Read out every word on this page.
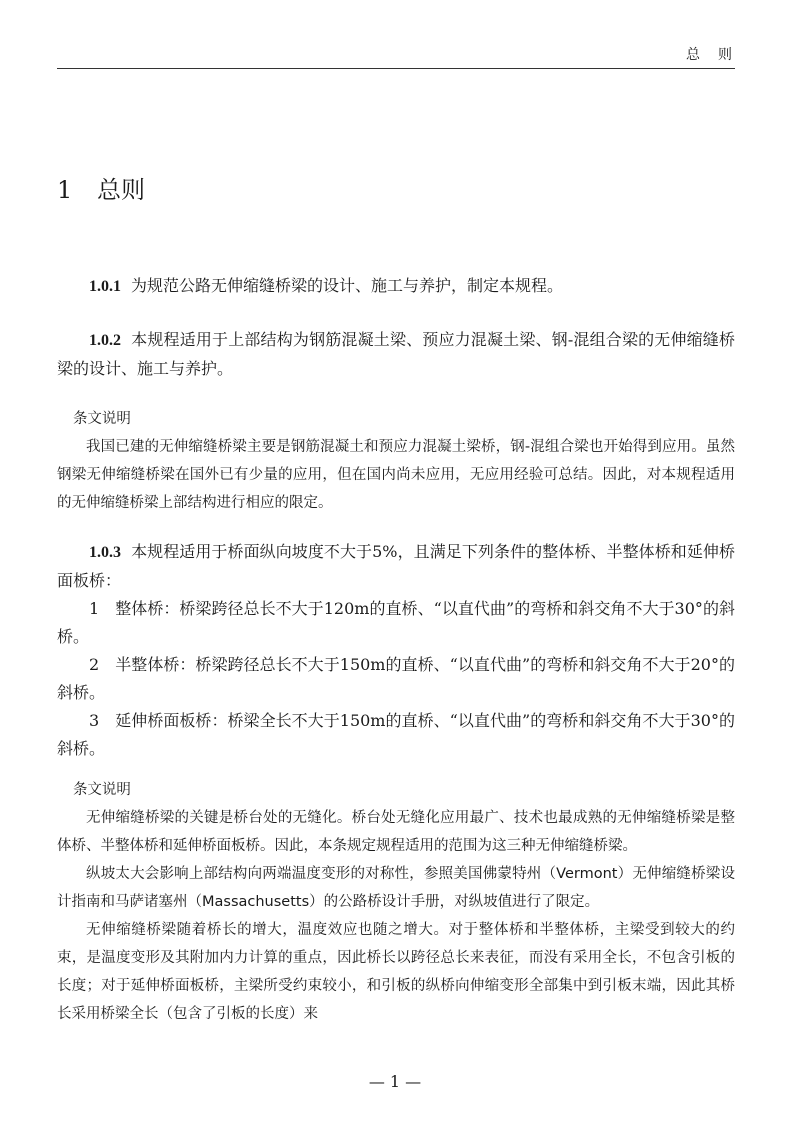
总则
1 总则

1.0.1 为规范公路无伸缩缝桥梁的设计、施工与养护，制定本规程。

1.0.2 本规程适用于上部结构为钢筋混凝土梁、预应力混凝土梁、钢-混组合梁的无伸缩缝桥梁的设计、施工与养护。

条文说明

我国已建的无伸缩缝桥梁主要是钢筋混凝土和预应力混凝土梁桥，钢-混组合梁也开始得到应用。虽然钢梁无伸缩缝桥梁在国外已有少量的应用，但在国内尚未应用，无应用经验可总结。因此，对本规程适用的无伸缩缝桥梁上部结构进行相应的限定。

1.0.3 本规程适用于桥面纵向坡度不大于5%，且满足下列条件的整体桥、半整体桥和延伸桥面板桥：

1　整体桥：桥梁跨径总长不大于120m的直桥、“以直代曲”的弯桥和斜交角不大于30°的斜桥。

2　半整体桥：桥梁跨径总长不大于150m的直桥、“以直代曲”的弯桥和斜交角不大于20°的斜桥。

3　延伸桥面板桥：桥梁全长不大于150m的直桥、“以直代曲”的弯桥和斜交角不大于30°的斜桥。

条文说明

无伸缩缝桥梁的关键是桥台处的无缝化。桥台处无缝化应用最广、技术也最成熟的无伸缩缝桥梁是整体桥、半整体桥和延伸桥面板桥。因此，本条规定规程适用的范围为这三种无伸缩缝桥梁。

纵坡太大会影响上部结构向两端温度变形的对称性，参照美国佛蒙特州（Vermont）无伸缩缝桥梁设计指南和马萨诸塞州（Massachusetts）的公路桥设计手册，对纵坡值进行了限定。

无伸缩缝桥梁随着桥长的增大，温度效应也随之增大。对于整体桥和半整体桥，主梁受到较大的约束，是温度变形及其附加内力计算的重点，因此桥长以跨径总长来表征，而没有采用全长，不包含引板的长度；对于延伸桥面板桥，主梁所受约束较小，和引板的纵桥向伸缩变形全部集中到引板末端，因此其桥长采用桥梁全长（包含了引板的长度）来

— 1 —
